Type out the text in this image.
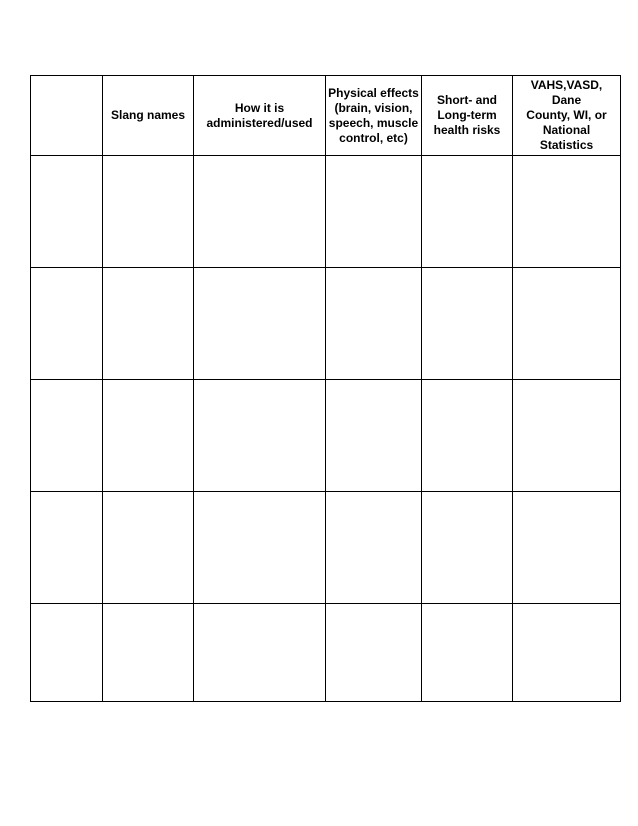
	Slang names	How it is
administered/used	Physical effects
(brain, vision,
speech, muscle
control, etc)	Short- and
Long-term
health risks	VAHS,VASD, Dane
County, WI, or
National Statistics
